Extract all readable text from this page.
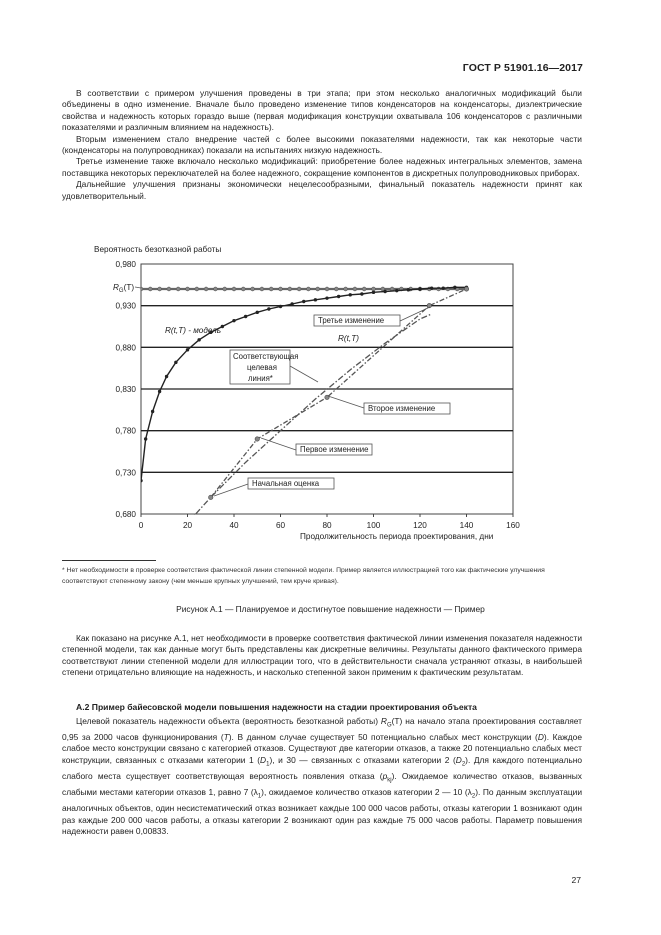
ГОСТ Р 51901.16—2017

В соответствии с примером улучшения проведены в три этапа; при этом несколько аналогичных модификаций были объединены в одно изменение. Вначале было проведено изменение типов конденсаторов на конденсаторы, диэлектрические свойства и надежность которых гораздо выше (первая модификация конструкции охватывала 106 конденсаторов с различными показателями и различным влиянием на надежность).

Вторым изменением стало внедрение частей с более высокими показателями надежности, так как некоторые части (конденсаторы на полупроводниках) показали на испытаниях низкую надежность.

Третье изменение также включало несколько модификаций: приобретение более надежных интегральных элементов, замена поставщика некоторых переключателей на более надежного, сокращение компонентов в дискретных полупроводниковых приборах.

Дальнейшие улучшения признаны экономически нецелесообразными, финальный показатель надежности принят как удовлетворительный.

Вероятность безотказной работы
0,680
0,730
0,780
0,830
0,880
0,930
0,980
0	20	40	60	80	100	120	140	160
$R_G(T)$
R(t,T) - модель
R(t,T)
Соответствующая
целевая
линия*
Третье изменение
Второе изменение
Первое изменение
Начальная оценка
Продолжительность периода проектирования, дни
* Нет необходимости в проверке соответствия фактической линии степенной модели. Пример является иллюстрацией того как фактические улучшения соответствуют степенному закону (чем меньше крупных улучшений, тем круче кривая).
Рисунок А.1 — Планируемое и достигнутое повышение надежности — Пример

Как показано на рисунке А.1, нет необходимости в проверке соответствия фактической линии изменения показателя надежности степенной модели, так как данные могут быть представлены как дискретные величины. Результаты данного фактического примера соответствуют линии степенной модели для иллюстрации того, что в действительности сначала устраняют отказы, в наибольшей степени отрицательно влияющие на надежность, и насколько степенной закон применим к фактическим результатам.

А.2 Пример байесовской модели повышения надежности на стадии проектирования объекта

Целевой показатель надежности объекта (вероятность безотказной работы) $R_G(T)$ на начало этапа проектирования составляет 0,95 за 2000 часов функционирования (T). В данном случае существует 50 потенциально слабых мест конструкции (D). Каждое слабое место конструкции связано с категорией отказов. Существуют две категории отказов, а также 20 потенциально слабых мест конструкции, связанных с отказами категории 1 $(D_1)$, и 30 — связанных с отказами категории 2 $(D_2)$. Для каждого потенциально слабого места существует соответствующая вероятность появления отказа $(p_{kj})$. Ожидаемое количество отказов, вызванных слабыми местами категории отказов 1, равно 7 $(\lambda_1)$, ожидаемое количество отказов категории 2 — 10 $(\lambda_2)$. По данным эксплуатации аналогичных объектов, один несистематический отказ возникает каждые 100 000 часов работы, отказы категории 1 возникают один раз каждые 200 000 часов работы, а отказы категории 2 возникают один раз каждые 75 000 часов работы. Параметр повышения надежности равен 0,00833.

27
